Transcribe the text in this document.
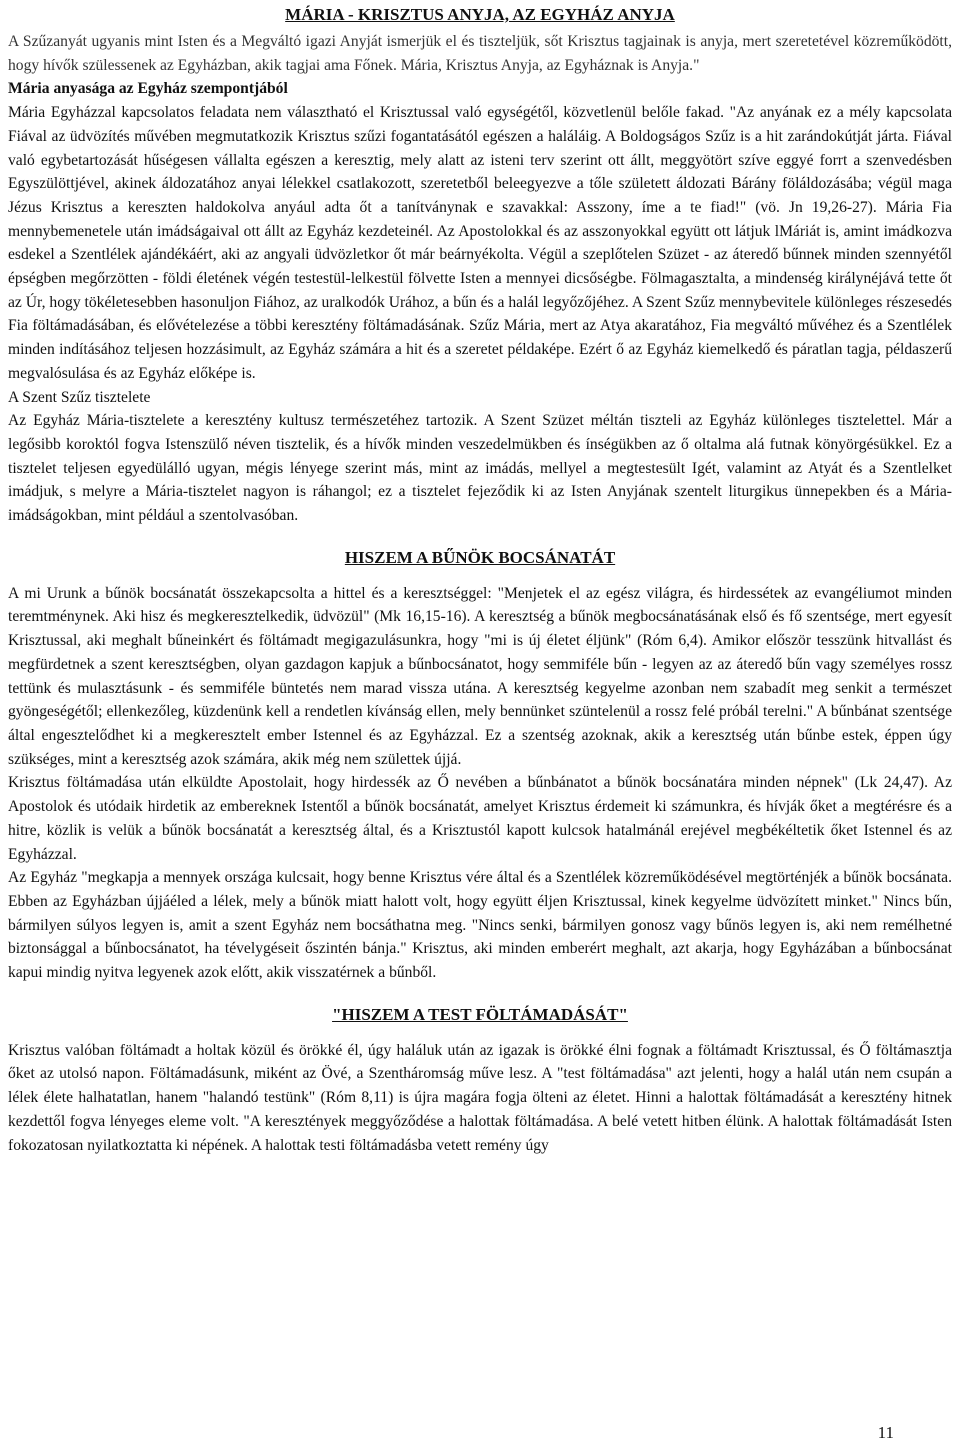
MÁRIA - KRISZTUS ANYJA, AZ EGYHÁZ ANYJA

A Szűzanyát ugyanis mint Isten és a Megváltó igazi Anyját ismerjük el és tiszteljük, sőt Krisztus tagjainak is anyja, mert szeretetével közreműködött, hogy hívők szülessenek az Egyházban, akik tagjai ama Főnek. Mária, Krisztus Anyja, az Egyháznak is Anyja."

Mária anyasága az Egyház szempontjából

Mária Egyházzal kapcsolatos feladata nem választható el Krisztussal való egységétől, közvetlenül belőle fakad. "Az anyának ez a mély kapcsolata Fiával az üdvözítés művében megmutatkozik Krisztus szűzi fogantatásától egészen a haláláig. A Boldogságos Szűz is a hit zarándokútját járta. Fiával való egybetartozását hűségesen vállalta egészen a keresztig, mely alatt az isteni terv szerint ott állt, meggyötört szíve eggyé forrt a szenvedésben Egyszülöttjével, akinek áldozatához anyai lélekkel csatlakozott, szeretetből beleegyezve a tőle született áldozati Bárány föláldozásába; végül maga Jézus Krisztus a kereszten haldokolva anyául adta őt a tanítványnak e szavakkal: Asszony, íme a te fiad!" (vö. Jn 19,26-27). Mária Fia mennybemenetele után imádságaival ott állt az Egyház kezdeteinél. Az Apostolokkal és az asszonyokkal együtt ott látjuk lMáriát is, amint imádkozva esdekel a Szentlélek ajándékáért, aki az angyali üdvözletkor őt már beárnyékolta. Végül a szeplőtelen Szüzet - az áteredő bűnnek minden szennyétől épségben megőrzötten - földi életének végén testestül-lelkestül fölvette Isten a mennyei dicsőségbe. Fölmagasztalta, a mindenség királynéjává tette őt az Úr, hogy tökéletesebben hasonuljon Fiához, az uralkodók Urához, a bűn és a halál legyőzőjéhez. A Szent Szűz mennybevitele különleges részesedés Fia föltámadásában, és elővételezése a többi keresztény föltámadásának. Szűz Mária, mert az Atya akaratához, Fia megváltó művéhez és a Szentlélek minden indításához teljesen hozzásimult, az Egyház számára a hit és a szeretet példaképe. Ezért ő az Egyház kiemelkedő és páratlan tagja, példaszerű megvalósulása és az Egyház előképe is.

A Szent Szűz tisztelete

Az Egyház Mária-tisztelete a keresztény kultusz természetéhez tartozik. A Szent Szüzet méltán tiszteli az Egyház különleges tisztelettel. Már a legősibb koroktól fogva Istenszülő néven tisztelik, és a hívők minden veszedelmükben és ínségükben az ő oltalma alá futnak könyörgésükkel. Ez a tisztelet teljesen egyedülálló ugyan, mégis lényege szerint más, mint az imádás, mellyel a megtestesült Igét, valamint az Atyát és a Szentlelket imádjuk, s melyre a Mária-tisztelet nagyon is ráhangol; ez a tisztelet fejeződik ki az Isten Anyjának szentelt liturgikus ünnepekben és a Mária-imádságokban, mint például a szentolvasóban.

HISZEM A BŰNÖK BOCSÁNATÁT

A mi Urunk a bűnök bocsánatát összekapcsolta a hittel és a keresztséggel: "Menjetek el az egész világra, és hirdessétek az evangéliumot minden teremtménynek. Aki hisz és megkeresztelkedik, üdvözül" (Mk 16,15-16). A keresztség a bűnök megbocsánatásának első és fő szentsége, mert egyesít Krisztussal, aki meghalt bűneinkért és föltámadt megigazulásunkra, hogy "mi is új életet éljünk" (Róm 6,4). Amikor először tesszünk hitvallást és megfürdetnek a szent keresztségben, olyan gazdagon kapjuk a bűnbocsánatot, hogy semmiféle bűn - legyen az az áteredő bűn vagy személyes rossz tettünk és mulasztásunk - és semmiféle büntetés nem marad vissza utána. A keresztség kegyelme azonban nem szabadít meg senkit a természet gyöngeségétől; ellenkezőleg, küzdenünk kell a rendetlen kívánság ellen, mely bennünket szüntelenül a rossz felé próbál terelni." A bűnbánat szentsége által engesztelődhet ki a megkeresztelt ember Istennel és az Egyházzal. Ez a szentség azoknak, akik a keresztség után bűnbe estek, éppen úgy szükséges, mint a keresztség azok számára, akik még nem születtek újjá.

Krisztus föltámadása után elküldte Apostolait, hogy hirdessék az Ő nevében a bűnbánatot a bűnök bocsánatára minden népnek" (Lk 24,47). Az Apostolok és utódaik hirdetik az embereknek Istentől a bűnök bocsánatát, amelyet Krisztus érdemeit ki számunkra, és hívják őket a megtérésre és a hitre, közlik is velük a bűnök bocsánatát a keresztség által, és a Krisztustól kapott kulcsok hatalmánál erejével megbékéltetik őket Istennel és az Egyházzal.

Az Egyház "megkapja a mennyek országa kulcsait, hogy benne Krisztus vére által és a Szentlélek közreműködésével megtörténjék a bűnök bocsánata. Ebben az Egyházban újjáéled a lélek, mely a bűnök miatt halott volt, hogy együtt éljen Krisztussal, kinek kegyelme üdvözített minket." Nincs bűn, bármilyen súlyos legyen is, amit a szent Egyház nem bocsáthatna meg. "Nincs senki, bármilyen gonosz vagy bűnös legyen is, aki nem remélhetné biztonsággal a bűnbocsánatot, ha tévelygéseit őszintén bánja." Krisztus, aki minden emberért meghalt, azt akarja, hogy Egyházában a bűnbocsánat kapui mindig nyitva legyenek azok előtt, akik visszatérnek a bűnből.

"HISZEM A TEST FÖLTÁMADÁSÁT"

Krisztus valóban föltámadt a holtak közül és örökké él, úgy haláluk után az igazak is örökké élni fognak a föltámadt Krisztussal, és Ő föltámasztja őket az utolsó napon. Föltámadásunk, miként az Övé, a Szentháromság műve lesz. A "test föltámadása" azt jelenti, hogy a halál után nem csupán a lélek élete halhatatlan, hanem "halandó testünk" (Róm 8,11) is újra magára fogja ölteni az életet. Hinni a halottak föltámadását a keresztény hitnek kezdettől fogva lényeges eleme volt. "A keresztények meggyőződése a halottak föltámadása. A belé vetett hitben élünk. A halottak föltámadását Isten fokozatosan nyilatkoztatta ki népének. A halottak testi föltámadásba vetett remény úgy

11
